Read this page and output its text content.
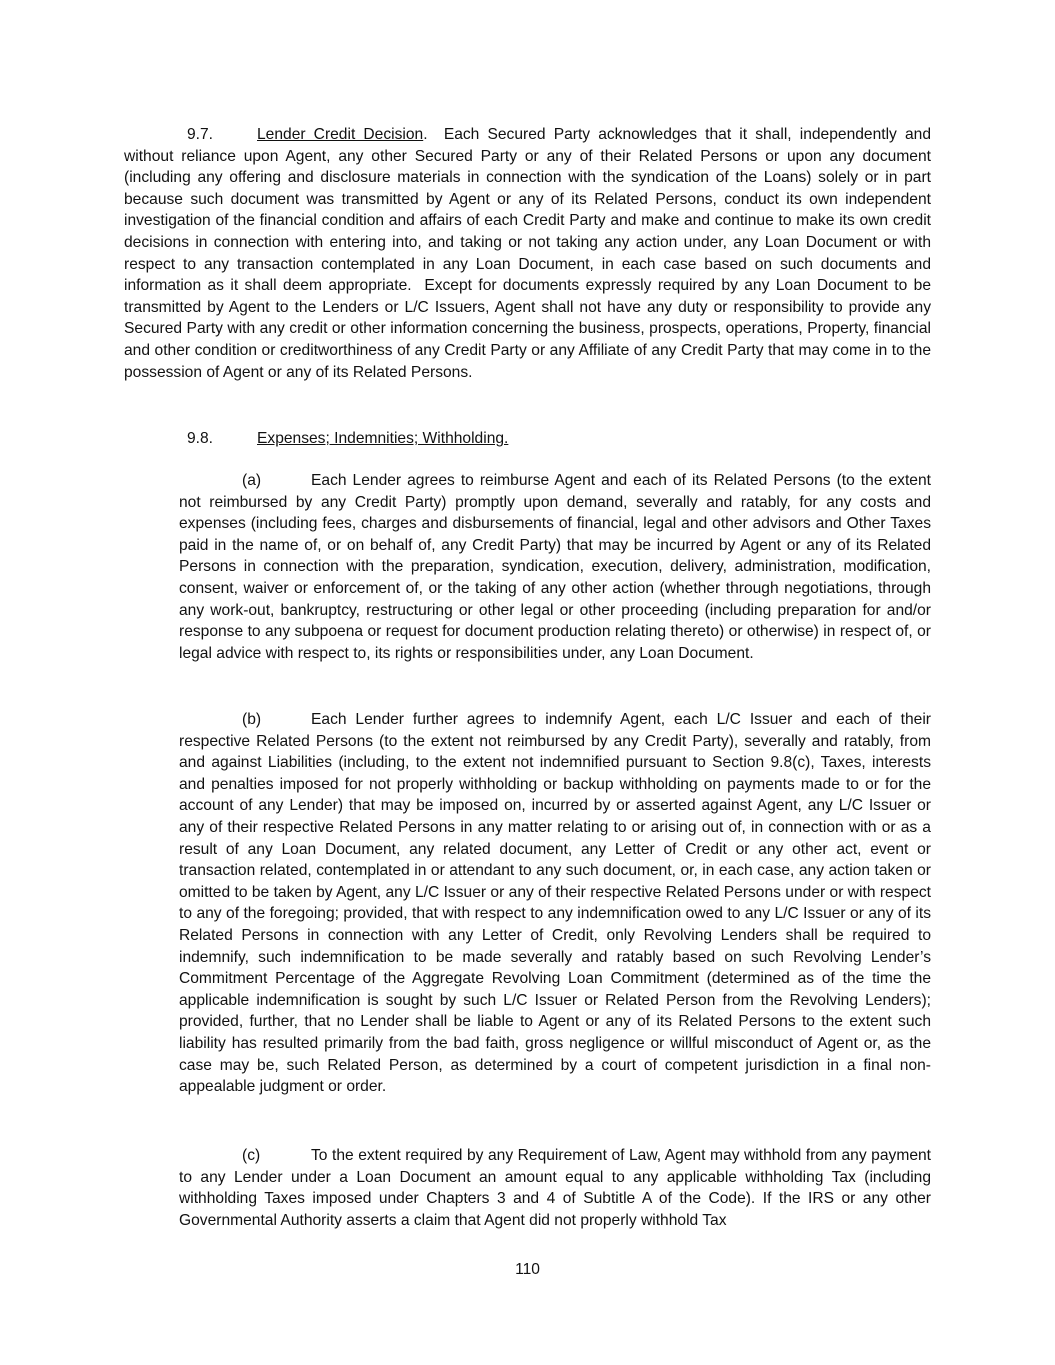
9.7.	Lender Credit Decision.  Each Secured Party acknowledges that it shall, independently and without reliance upon Agent, any other Secured Party or any of their Related Persons or upon any document (including any offering and disclosure materials in connection with the syndication of the Loans) solely or in part because such document was transmitted by Agent or any of its Related Persons, conduct its own independent investigation of the financial condition and affairs of each Credit Party and make and continue to make its own credit decisions in connection with entering into, and taking or not taking any action under, any Loan Document or with respect to any transaction contemplated in any Loan Document, in each case based on such documents and information as it shall deem appropriate.  Except for documents expressly required by any Loan Document to be transmitted by Agent to the Lenders or L/C Issuers, Agent shall not have any duty or responsibility to provide any Secured Party with any credit or other information concerning the business, prospects, operations, Property, financial and other condition or creditworthiness of any Credit Party or any Affiliate of any Credit Party that may come in to the possession of Agent or any of its Related Persons.

9.8.	Expenses; Indemnities; Withholding.

(a)	Each Lender agrees to reimburse Agent and each of its Related Persons (to the extent not reimbursed by any Credit Party) promptly upon demand, severally and ratably, for any costs and expenses (including fees, charges and disbursements of financial, legal and other advisors and Other Taxes paid in the name of, or on behalf of, any Credit Party) that may be incurred by Agent or any of its Related Persons in connection with the preparation, syndication, execution, delivery, administration, modification, consent, waiver or enforcement of, or the taking of any other action (whether through negotiations, through any work-out, bankruptcy, restructuring or other legal or other proceeding (including preparation for and/or response to any subpoena or request for document production relating thereto) or otherwise) in respect of, or legal advice with respect to, its rights or responsibilities under, any Loan Document.

(b)	Each Lender further agrees to indemnify Agent, each L/C Issuer and each of their respective Related Persons (to the extent not reimbursed by any Credit Party), severally and ratably, from and against Liabilities (including, to the extent not indemnified pursuant to Section 9.8(c), Taxes, interests and penalties imposed for not properly withholding or backup withholding on payments made to or for the account of any Lender) that may be imposed on, incurred by or asserted against Agent, any L/C Issuer or any of their respective Related Persons in any matter relating to or arising out of, in connection with or as a result of any Loan Document, any related document, any Letter of Credit or any other act, event or transaction related, contemplated in or attendant to any such document, or, in each case, any action taken or omitted to be taken by Agent, any L/C Issuer or any of their respective Related Persons under or with respect to any of the foregoing; provided, that with respect to any indemnification owed to any L/C Issuer or any of its Related Persons in connection with any Letter of Credit, only Revolving Lenders shall be required to indemnify, such indemnification to be made severally and ratably based on such Revolving Lender’s Commitment Percentage of the Aggregate Revolving Loan Commitment (determined as of the time the applicable indemnification is sought by such L/C Issuer or Related Person from the Revolving Lenders); provided, further, that no Lender shall be liable to Agent or any of its Related Persons to the extent such liability has resulted primarily from the bad faith, gross negligence or willful misconduct of Agent or, as the case may be, such Related Person, as determined by a court of competent jurisdiction in a final non-appealable judgment or order.

(c)	To the extent required by any Requirement of Law, Agent may withhold from any payment to any Lender under a Loan Document an amount equal to any applicable withholding Tax (including withholding Taxes imposed under Chapters 3 and 4 of Subtitle A of the Code). If the IRS or any other Governmental Authority asserts a claim that Agent did not properly withhold Tax

110
